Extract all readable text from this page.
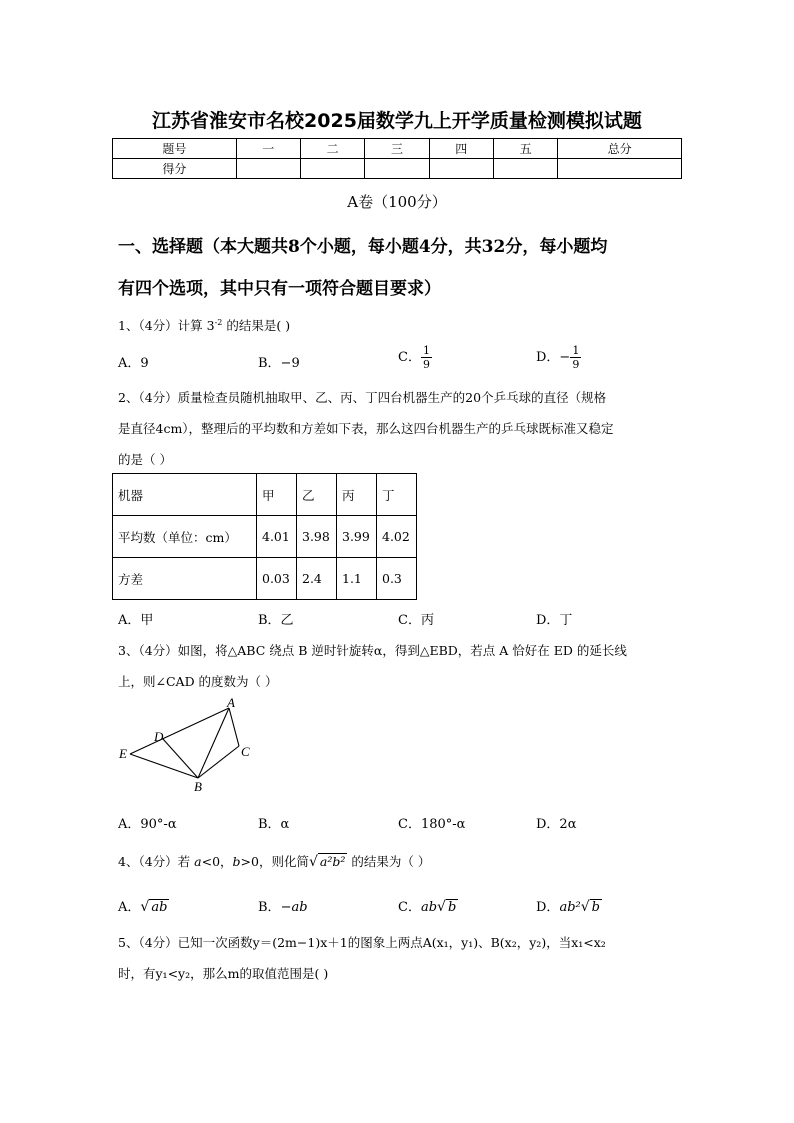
江苏省淮安市名校2025届数学九上开学质量检测模拟试题
题号	一	二	三	四	五	总分
得分						
A卷（100分）
一、选择题（本大题共8个小题，每小题4分，共32分，每小题均
有四个选项，其中只有一项符合题目要求）
1、（4分）计算 $3^{-2}$ 的结果是( )
A．9	B．−9	C． $\frac{1}{9}$	D．− $\frac{1}{9}$
2、（4分）质量检查员随机抽取甲、乙、丙、丁四台机器生产的20个乒乓球的直径（规格
是直径4cm），整理后的平均数和方差如下表，那么这四台机器生产的乒乓球既标准又稳定
的是（ ）
机器	甲	乙	丙	丁
平均数（单位：cm）	4.01	3.98	3.99	4.02
方差	0.03	2.4	1.1	0.3
A．甲	B．乙	C．丙	D．丁
3、（4分）如图，将△ABC 绕点 B 逆时针旋转α，得到△EBD，若点 A 恰好在 ED 的延长线
上，则∠CAD 的度数为（ ）
A
B
C
D
E
A．90°-α	B．α	C．180°-α	D．2α
4、（4分）若 a<0，b>0，则化简√ a²b² 的结果为（ ）
A．√ ab	B．−ab	C．ab√ b	D．ab²√ b
5、（4分）已知一次函数y＝(2m−1)x＋1的图象上两点A(x₁，y₁)、B(x₂，y₂)，当x₁<x₂
时，有y₁<y₂，那么m的取值范围是( )
